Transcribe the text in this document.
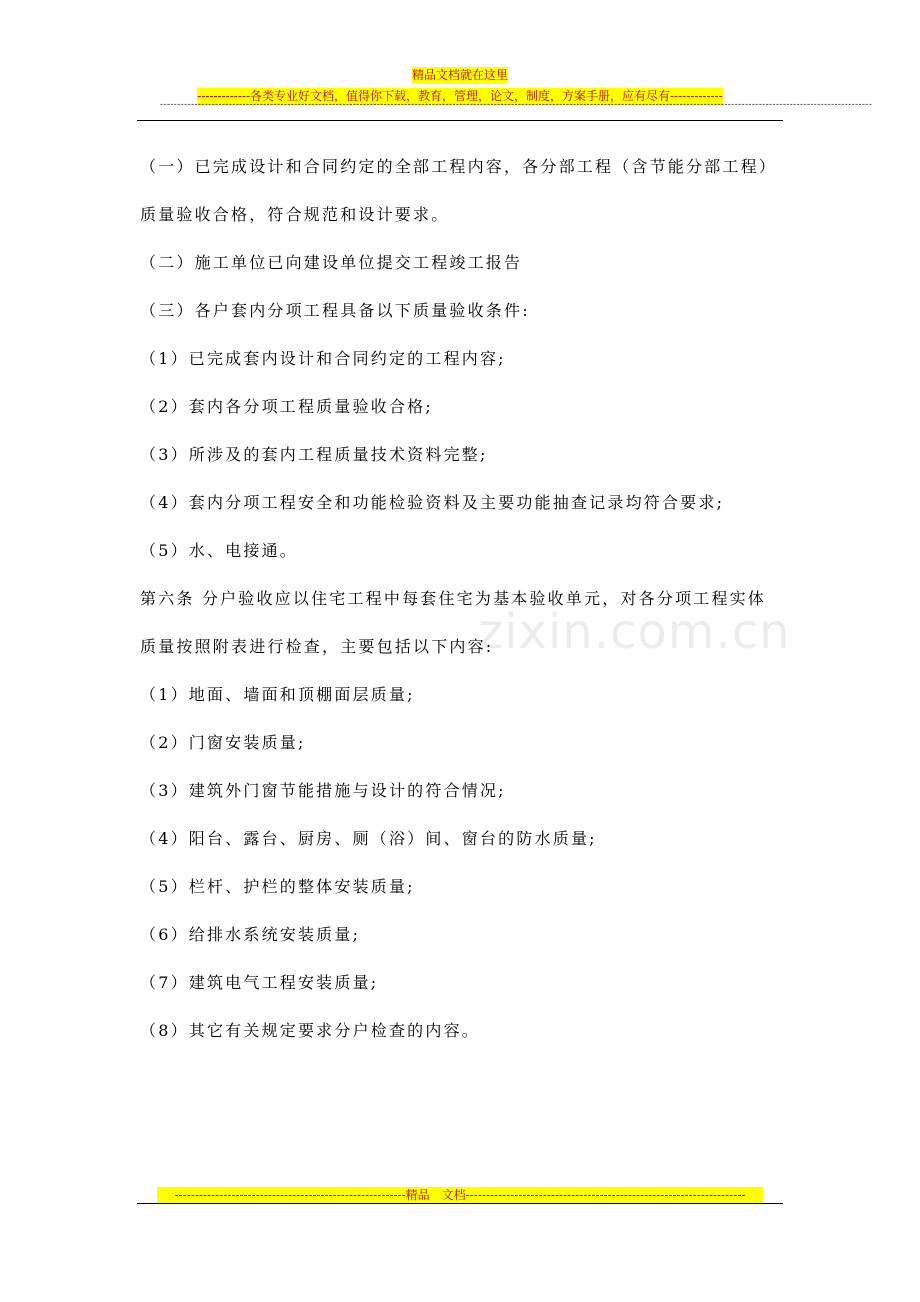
精品文档就在这里
-------------各类专业好文档，值得你下载，教育，管理，论文，制度，方案手册，应有尽有-------------
---------------------------------------------------------------------------------------------------------------------------------------------------------------------------------------------------------------
zixin.com.cn
（一）已完成设计和合同约定的全部工程内容，各分部工程（含节能分部工程）
质量验收合格，符合规范和设计要求。
（二）施工单位已向建设单位提交工程竣工报告
（三）各户套内分项工程具备以下质量验收条件:
（1）已完成套内设计和合同约定的工程内容;
（2）套内各分项工程质量验收合格;
（3）所涉及的套内工程质量技术资料完整;
（4）套内分项工程安全和功能检验资料及主要功能抽查记录均符合要求;
（5）水、电接通。
第六条 分户验收应以住宅工程中每套住宅为基本验收单元，对各分项工程实体
质量按照附表进行检查，主要包括以下内容:
（1）地面、墙面和顶棚面层质量;
（2）门窗安装质量;
（3）建筑外门窗节能措施与设计的符合情况;
（4）阳台、露台、厨房、厕（浴）间、窗台的防水质量;
（5）栏杆、护栏的整体安装质量;
（6）给排水系统安装质量;
（7）建筑电气工程安装质量;
（8）其它有关规定要求分户检查的内容。
---------------------------------------------------------精品　文档---------------------------------------------------------------------
